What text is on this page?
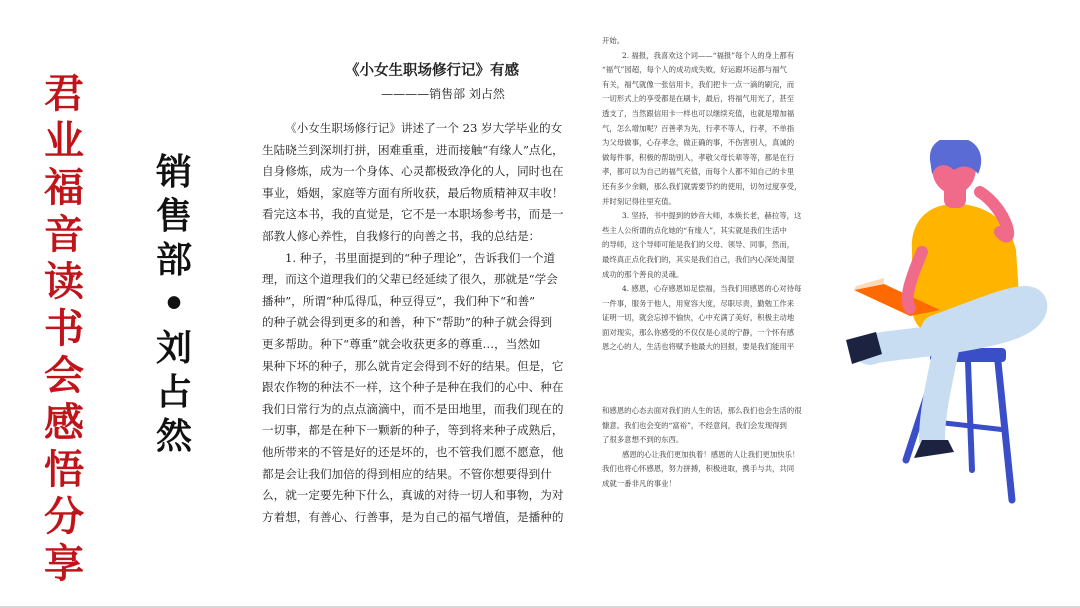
君
业
福
音
读
书
会
感
悟
分
享
销
售
部
•
刘
占
然
《小女生职场修行记》有感
————销售部 刘占然

《小女生职场修行记》讲述了一个 23 岁大学毕业的女

生陆晓兰到深圳打拼，困难重重，进而接触“有缘人”点化，

自身修炼，成为一个身体、心灵都极致净化的人，同时也在

事业，婚姻，家庭等方面有所收获，最后物质精神双丰收！

看完这本书，我的直觉是，它不是一本职场参考书，而是一

部教人修心养性，自我修行的向善之书，我的总结是：

1. 种子，书里面提到的“种子理论”，告诉我们一个道

理，而这个道理我们的父辈已经延续了很久，那就是“学会

播种”，所谓“种瓜得瓜，种豆得豆”，我们种下“和善”

的种子就会得到更多的和善，种下“帮助”的种子就会得到

更多帮助。种下“尊重”就会收获更多的尊重…，当然如

果种下坏的种子，那么就肯定会得到不好的结果。但是，它

跟农作物的种法不一样，这个种子是种在我们的心中、种在

我们日常行为的点点滴滴中，而不是田地里，而我们现在的

一切事，都是在种下一颗新的种子，等到将来种子成熟后，

他所带来的不管是好的还是坏的，也不管我们愿不愿意，他

都是会让我们加倍的得到相应的结果。不管你想要得到什

么，就一定要先种下什么，真诚的对待一切人和事物，为对

方着想，有善心、行善事，是为自己的福气增值，是播种的

开始。

2. 福报，我喜欢这个词——“福报”每个人的身上都有

“福气”园超，每个人的成功成失败，好运跟坏运都与福气

有关，福气就像一张信用卡，我们把卡一点一滴的刷完，而

一切形式上的享受都是在刷卡，最后，将福气用光了，甚至

透支了，当然跟信用卡一样也可以继续充值，也就是增加福

气，怎么增加呢？百善孝为先，行孝不等人，行孝，不单指

为父母做事，心存孝念，做正确的事，不伤害别人，真诚的

做每件事，积极的帮助别人，孝敬父母长辈等等，都是在行

孝，都可以为自己的福气充值，而每个人都不知自己的卡里

还有多少余额，那么我们就需要节约的使用，切勿过度享受，

并时刻记得往里充值。

3. 坚持，书中提到的妙音大师，本焕长老，赫拉等，这

些主人公所谓的点化她的“有缘人”，其实就是我们生活中

的导师，这个导师可能是我们的父母、领导、同事，然而，

最终真正点化我们的，其实是我们自己，我们内心深处渴望

成功的那个善良的灵魂。

4. 感恩，心存感恩如足偿福，当我们用感恩的心对待每

一件事，服务于他人，用宽容大度，尽职尽责，勤勉工作来

证明一切，就会忘掉不愉快，心中充满了美好，积极主动地

面对现实，那么你感受的不仅仅是心灵的宁静，一个怀有感

恩之心的人，生活也将赋予他最大的回报，要是我们能用平

和感恩的心态去面对我们的人生的话，那么我们也会生活的很

慷意。我们也会变的“富裕”，不经意间，我们会发现得到

了很多意想不到的东西。

感恩的心让我们更加执着！感恩的人让我们更加快乐！

我们也将心怀感恩，努力拼搏，积极进取，携手与共，共同

成就一番非凡的事业！
